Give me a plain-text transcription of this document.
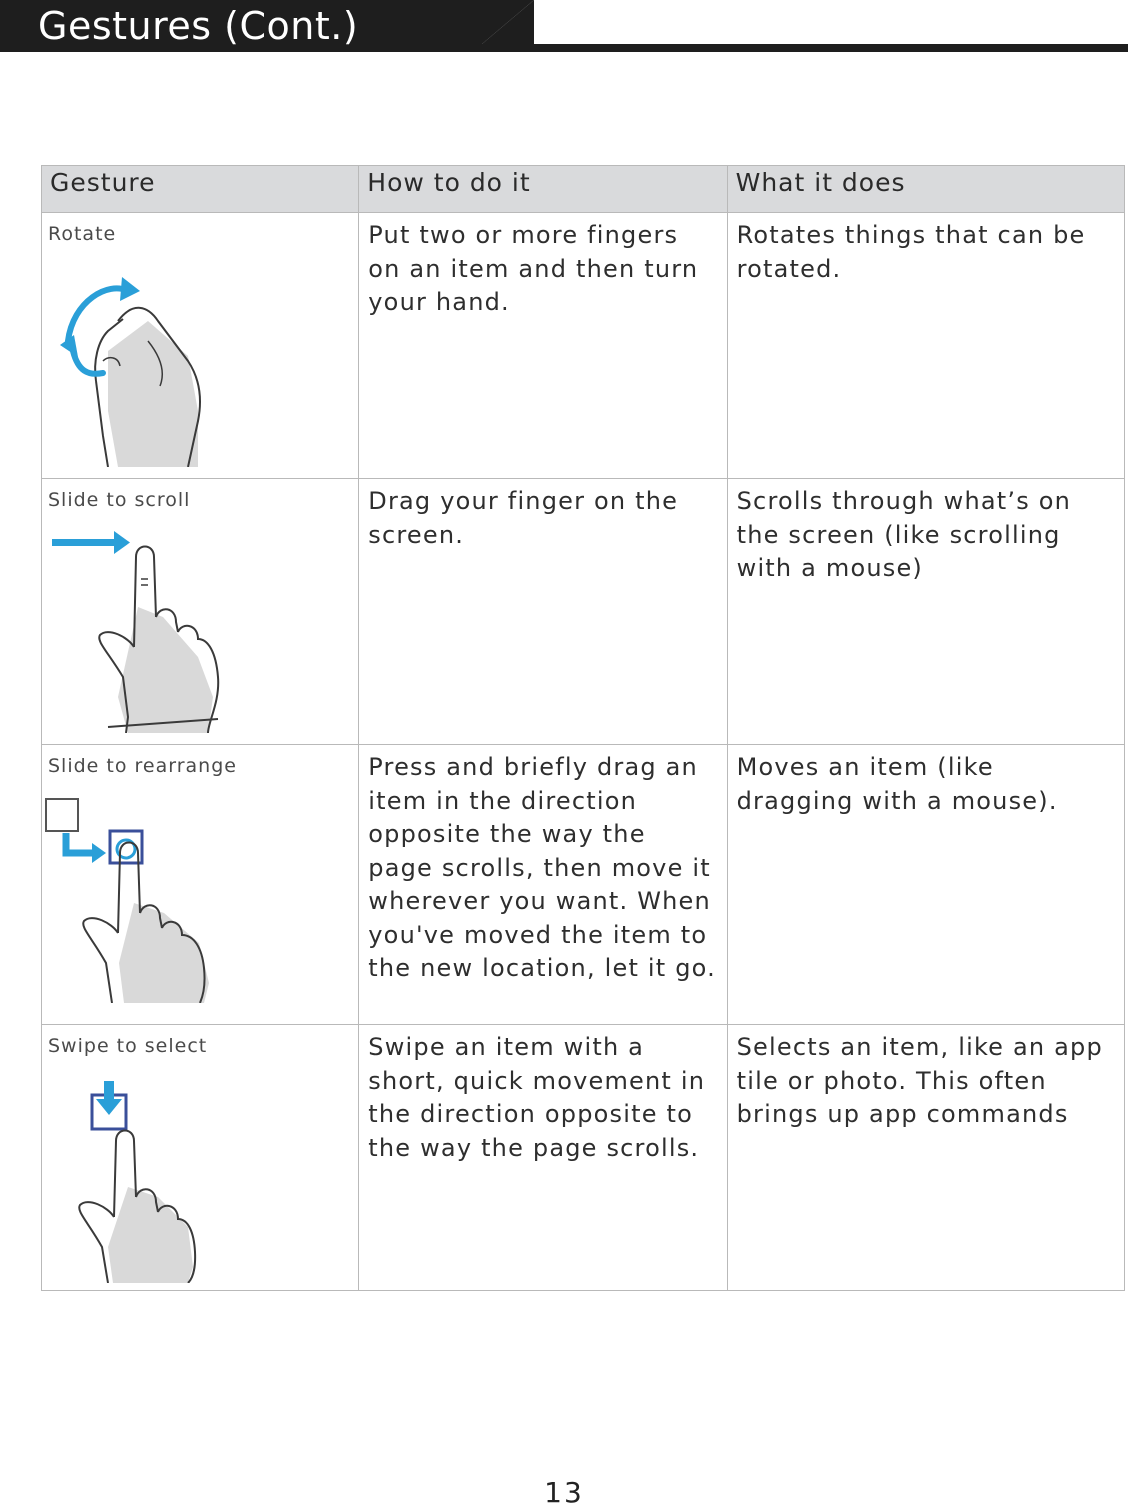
Gestures (Cont.)
Gesture	How to do it	What it does

Rotate	Put two or more fingers on an item and then turn your hand.	Rotates things that can be rotated.

Slide to scroll	Drag your finger on the screen.	Scrolls through what’s on the screen (like scrolling with a mouse)

Slide to rearrange	Press and briefly drag an item in the direction opposite the way the page scrolls, then move it wherever you want. When you've moved the item to the new location, let it go.	Moves an item (like dragging with a mouse).

Swipe to select	Swipe an item with a short, quick movement in the direction opposite to the way the page scrolls.	Selects an item, like an app tile or photo. This often brings up app commands
13
